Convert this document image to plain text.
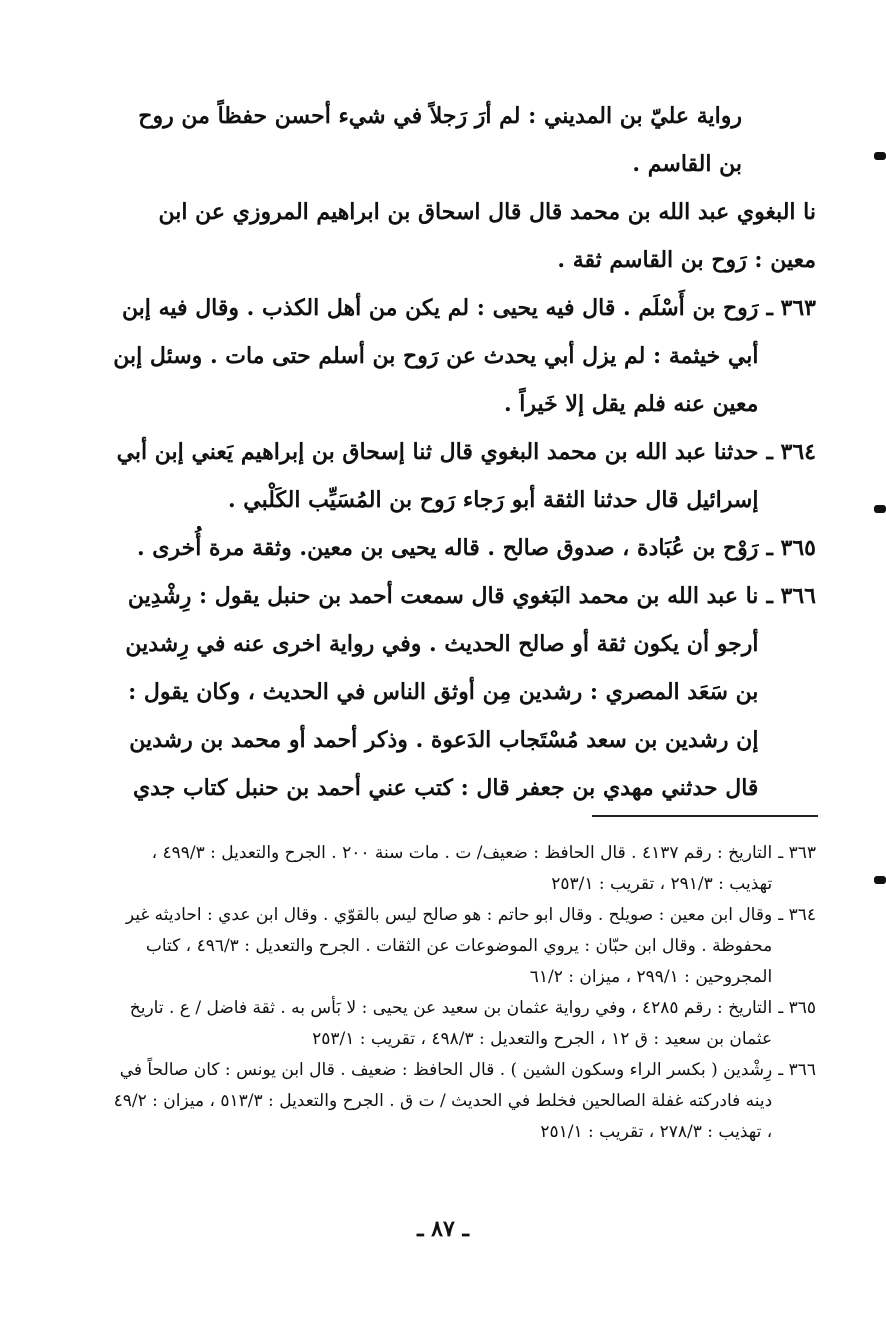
رواية عليّ بن المديني : لم أرَ رَجلاً في شيء أحسن حفظاً من روح بن القاسم .

نا البغوي عبد الله بن محمد قال قال اسحاق بن ابراهيم المروزي عن ابن معين : رَوح بن القاسم ثقة .

٣٦٣ ـ
رَوح بن أَسْلَم . قال فيه يحيى : لم يكن من أهل الكذب . وقال فيه إبن أبي خيثمة : لم يزل أبي يحدث عن رَوح بن أسلم حتى مات . وسئل إبن معين عنه فلم يقل إلا خَيراً .
٣٦٤ ـ
حدثنا عبد الله بن محمد البغوي قال ثنا إسحاق بن إبراهيم يَعني إبن أبي إسرائيل قال حدثنا الثقة أبو رَجاء رَوح بن المُسَيِّب الكَلْبي .
٣٦٥ ـ
رَوْح بن عُبَادة ، صدوق صالح . قاله يحيى بن معين. وثقة مرة أُخرى .
٣٦٦ ـ
نا عبد الله بن محمد البَغوي قال سمعت أحمد بن حنبل يقول : رِشْدِين أرجو أن يكون ثقة أو صالح الحديث . وفي رواية اخرى عنه في رِشدين بن سَعَد المصري : رشدين مِن أوثق الناس في الحديث ، وكان يقول : إن رشدين بن سعد مُسْتَجاب الدَعوة . وذكر أحمد أو محمد بن رشدين قال حدثني مهدي بن جعفر قال : كتب عني أحمد بن حنبل كتاب جدي
٣٦٣ ـ
التاريخ : رقم ٤١٣٧ . قال الحافظ : ضعيف/ ت . مات سنة ٢٠٠ . الجرح والتعديل : ٤٩٩/٣ ، تهذيب : ٢٩١/٣ ، تقريب : ٢٥٣/١
٣٦٤ ـ
وقال ابن معين : صويلح . وقال ابو حاتم : هو صالح ليس بالقوّي . وقال ابن عدي : احاديثه غير محفوظة . وقال ابن حبّان : يروي الموضوعات عن الثقات . الجرح والتعديل : ٤٩٦/٣ ، كتاب المجروحين : ٢٩٩/١ ، ميزان : ٦١/٢
٣٦٥ ـ
التاريخ : رقم ٤٢٨٥ ، وفي رواية عثمان بن سعيد عن يحيى : لا بَأس به . ثقة فاضل / ع . تاريخ عثمان بن سعيد : ق ١٢ ، الجرح والتعديل : ٤٩٨/٣ ، تقريب : ٢٥٣/١
٣٦٦ ـ
رِشْدين ( بكسر الراء وسكون الشين ) . قال الحافظ : ضعيف . قال ابن يونس : كان صالحاً في دينه فادركته غفلة الصالحين فخلط في الحديث / ت ق . الجرح والتعديل : ٥١٣/٣ ، ميزان : ٤٩/٢ ، تهذيب : ٢٧٨/٣ ، تقريب : ٢٥١/١
ـ ٨٧ ـ
